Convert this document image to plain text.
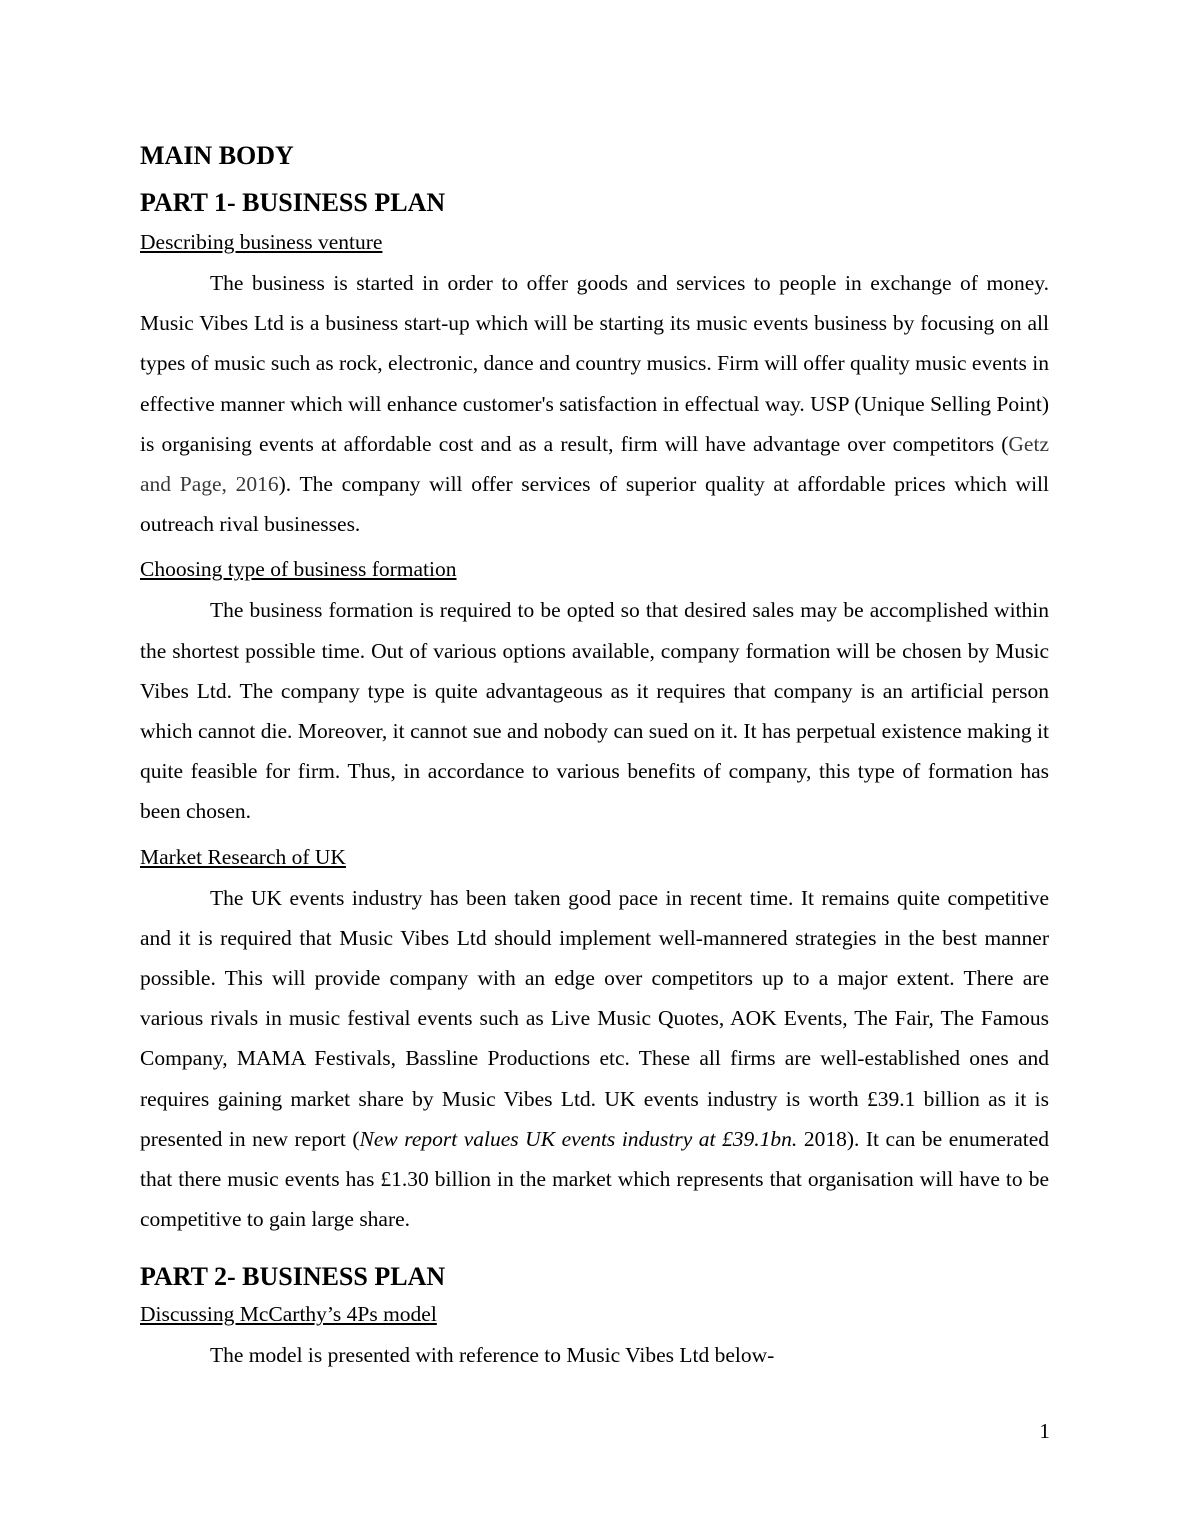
MAIN BODY
PART 1- BUSINESS PLAN
Describing business venture

The business is started in order to offer goods and services to people in exchange of money. Music Vibes Ltd is a business start-up which will be starting its music events business by focusing on all types of music such as rock, electronic, dance and country musics. Firm will offer quality music events in effective manner which will enhance customer's satisfaction in effectual way. USP (Unique Selling Point) is organising events at affordable cost and as a result, firm will have advantage over competitors (Getz and Page, 2016). The company will offer services of superior quality at affordable prices which will outreach rival businesses.

Choosing type of business formation

The business formation is required to be opted so that desired sales may be accomplished within the shortest possible time. Out of various options available, company formation will be chosen by Music Vibes Ltd. The company type is quite advantageous as it requires that company is an artificial person which cannot die. Moreover, it cannot sue and nobody can sued on it. It has perpetual existence making it quite feasible for firm. Thus, in accordance to various benefits of company, this type of formation has been chosen.

Market Research of UK

The UK events industry has been taken good pace in recent time. It remains quite competitive and it is required that Music Vibes Ltd should implement well-mannered strategies in the best manner possible. This will provide company with an edge over competitors up to a major extent. There are various rivals in music festival events such as Live Music Quotes, AOK Events, The Fair, The Famous Company, MAMA Festivals, Bassline Productions etc. These all firms are well-established ones and requires gaining market share by Music Vibes Ltd. UK events industry is worth £39.1 billion as it is presented in new report (New report values UK events industry at £39.1bn. 2018). It can be enumerated that there music events has £1.30 billion in the market which represents that organisation will have to be competitive to gain large share.

PART 2- BUSINESS PLAN
Discussing McCarthy’s 4Ps model

The model is presented with reference to Music Vibes Ltd below-

1
